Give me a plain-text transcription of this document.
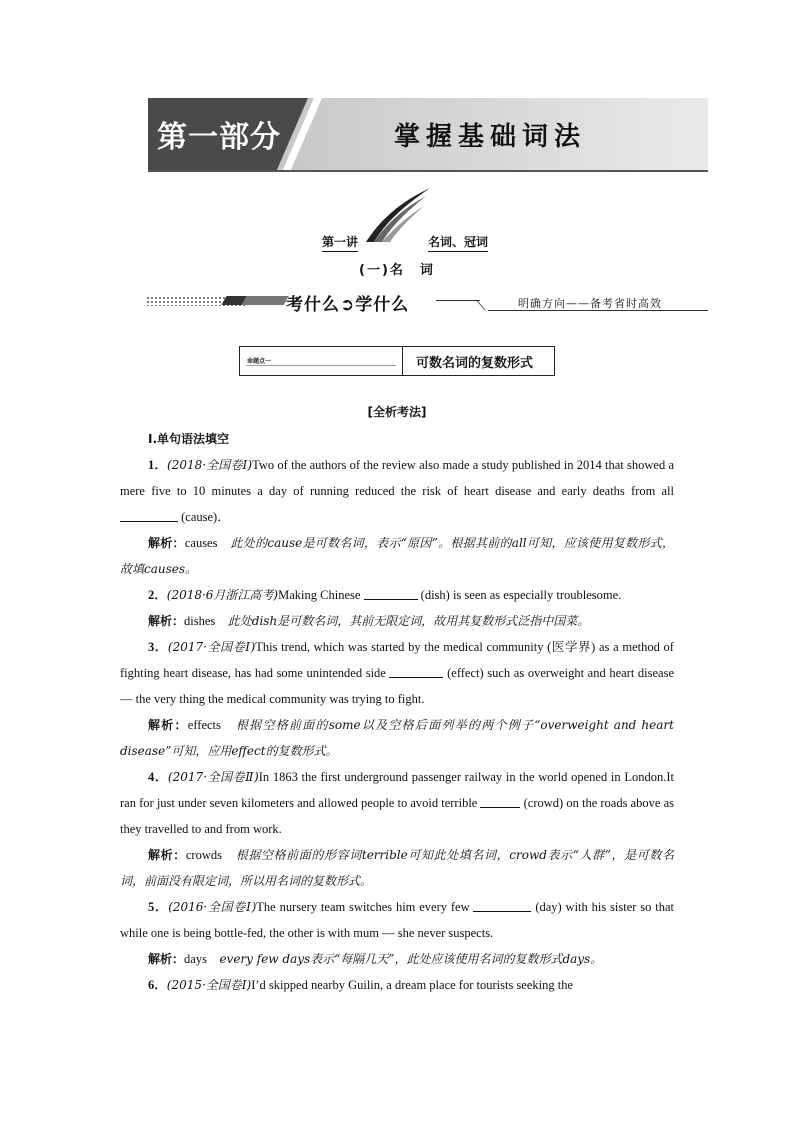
第一部分	掌握基础词法
第一讲	名词、冠词
(一)名　词
考什么➲学什么	明确方向——备考省时高效
命题点一	可数名词的复数形式
[全析考法]
Ⅰ.单句语法填空

1．(2018·全国卷Ⅰ)Two of the authors of the review also made a study published in 2014 that showed a mere five to 10 minutes a day of running reduced the risk of heart disease and early deaths from all  (cause)．

解析：causes　 此处的cause是可数名词，表示“原因”。根据其前的all可知，应该使用复数形式，故填causes。

2．(2018·6月浙江高考)Making Chinese	(dish) is seen as especially troublesome.

解析：dishes　 此处dish是可数名词，其前无限定词，故用其复数形式泛指中国菜。

3．(2017·全国卷Ⅰ)This trend, which was started by the medical community (医学界) as a method of fighting heart disease, has had some unintended side	(effect) such as overweight and heart disease — the very thing the medical community was trying to fight.

解析：effects　 根据空格前面的some以及空格后面列举的两个例子“overweight and heart disease”可知，应用effect的复数形式。

4．(2017·全国卷Ⅱ)In 1863 the first underground passenger railway in the world opened in London.It ran for just under seven kilometers and allowed people to avoid terrible	(crowd) on the roads above as they travelled to and from work.

解析：crowds　 根据空格前面的形容词terrible可知此处填名词，crowd表示“人群”，是可数名词，前面没有限定词，所以用名词的复数形式。

5．(2016·全国卷Ⅰ)The nursery team switches him every few	(day) with his sister so that while one is being bottle-fed, the other is with mum — she never suspects.

解析：days　 every few days表示“每隔几天”，此处应该使用名词的复数形式days。

6．(2015·全国卷Ⅰ)I’d skipped nearby Guilin, a dream place for tourists seeking the
